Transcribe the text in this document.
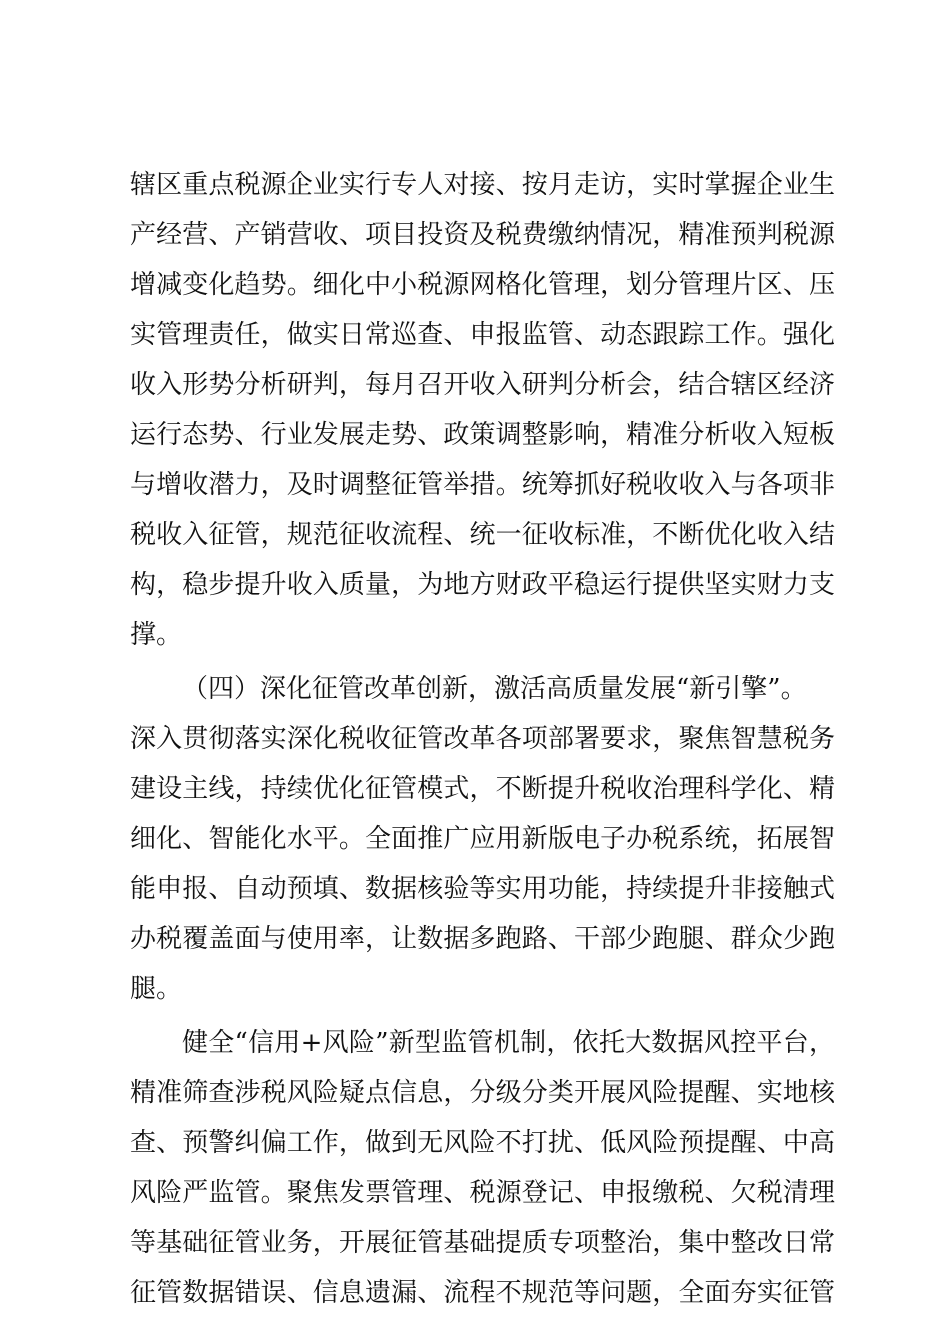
辖区重点税源企业实行专人对接、按月走访，实时掌握企业生
产经营、产销营收、项目投资及税费缴纳情况，精准预判税源
增减变化趋势。细化中小税源网格化管理，划分管理片区、压
实管理责任，做实日常巡查、申报监管、动态跟踪工作。强化
收入形势分析研判，每月召开收入研判分析会，结合辖区经济
运行态势、行业发展走势、政策调整影响，精准分析收入短板
与增收潜力，及时调整征管举措。统筹抓好税收收入与各项非
税收入征管，规范征收流程、统一征收标准，不断优化收入结
构，稳步提升收入质量，为地方财政平稳运行提供坚实财力支
撑。
（四）深化征管改革创新，激活高质量发展“新引擎”。
深入贯彻落实深化税收征管改革各项部署要求，聚焦智慧税务
建设主线，持续优化征管模式，不断提升税收治理科学化、精
细化、智能化水平。全面推广应用新版电子办税系统，拓展智
能申报、自动预填、数据核验等实用功能，持续提升非接触式
办税覆盖面与使用率，让数据多跑路、干部少跑腿、群众少跑
腿。
健全“信用+风险”新型监管机制，依托大数据风控平台，
精准筛查涉税风险疑点信息，分级分类开展风险提醒、实地核
查、预警纠偏工作，做到无风险不打扰、低风险预提醒、中高
风险严监管。聚焦发票管理、税源登记、申报缴税、欠税清理
等基础征管业务，开展征管基础提质专项整治，集中整改日常
征管数据错误、信息遗漏、流程不规范等问题，全面夯实征管
